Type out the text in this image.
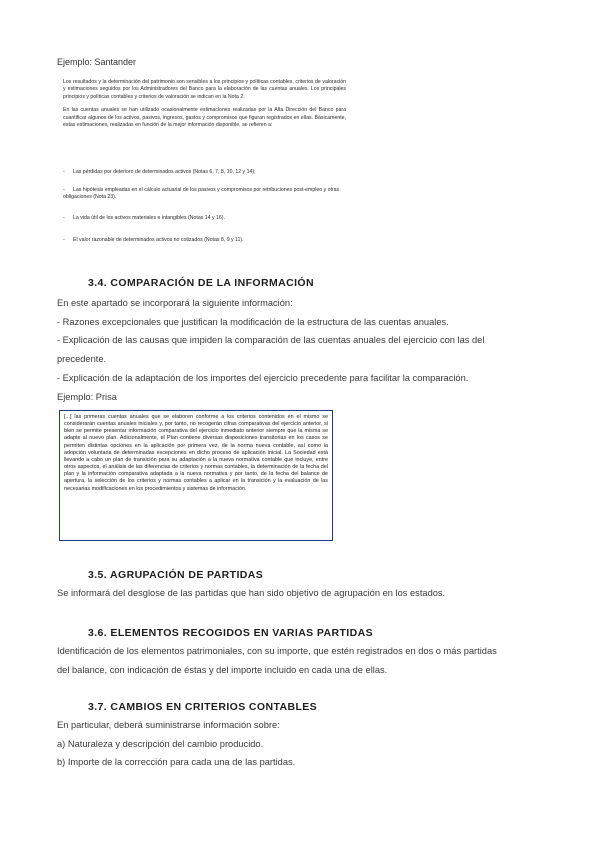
Ejemplo: Santander

Los resultados y la determinación del patrimonio son sensibles a los principios y políticas contables, criterios de valoración y estimaciones seguidos por los Administradores del Banco para la elaboración de las cuentas anuales. Los principales principios y políticas contables y criterios de valoración se indican en la Nota 2.

En las cuentas anuales se han utilizado ocasionalmente estimaciones realizadas por la Alta Dirección del Banco para cuantificar algunos de los activos, pasivos, ingresos, gastos y compromisos que figuran registrados en ellas. Básicamente, estas estimaciones, realizadas en función de la mejor información disponible, se refieren a:

- Las pérdidas por deterioro de determinados activos (Notas 6, 7, 8, 10, 12 y 14);
- Las hipótesis empleadas en el cálculo actuarial de los pasivos y compromisos por retribuciones post-empleo y otras obligaciones (Nota 23).
- La vida útil de los activos materiales e intangibles (Notas 14 y 16).
- El valor razonable de determinados activos no cotizados (Notas 8, 9 y 11).
3.4. COMPARACIÓN DE LA INFORMACIÓN
En este apartado se incorporará la siguiente información:
- Razones excepcionales que justifican la modificación de la estructura de las cuentas anuales.
- Explicación de las causas que impiden la comparación de las cuentas anuales del ejercicio con las del
precedente.
- Explicación de la adaptación de los importes del ejercicio precedente para facilitar la comparación.
Ejemplo: Prisa
[...] las primeras cuentas anuales que se elaboren conforme a los criterios contenidos en el mismo se considerarán cuentas anuales iniciales y, por tanto, no recogerán cifras comparativas del ejercicio anterior, si bien se permite presentar información comparativa del ejercicio inmediato anterior siempre que la misma se adapte al nuevo plan. Adicionalmente, el Plan contiene diversas disposiciones transitorias en los casos se permiten distintas opciones en la aplicación por primera vez, de la norma nueva contable, así como la adopción voluntaria de determinadas excepciones en dicho proceso de aplicación inicial. La Sociedad está llevando a cabo un plan de transición para su adaptación a la nueva normativa contable que incluye, entre otros aspectos, el análisis de las diferencias de criterios y normas contables, la determinación de la fecha del plan y la información comparativa adaptada a la nueva normativa y por tanto, de la fecha del balance de apertura, la selección de los criterios y normas contables a aplicar en la transición y la evaluación de las necesarias modificaciones en los procedimientos y sistemas de información.
3.5. AGRUPACIÓN DE PARTIDAS
Se informará del desglose de las partidas que han sido objetivo de agrupación en los estados.
3.6. ELEMENTOS RECOGIDOS EN VARIAS PARTIDAS
Identificación de los elementos patrimoniales, con su importe, que estén registrados en dos o más partidas
del balance, con indicación de éstas y del importe incluido en cada una de ellas.
3.7. CAMBIOS EN CRITERIOS CONTABLES
En particular, deberá suministrarse información sobre:
a) Naturaleza y descripción del cambio producido.
b) Importe de la corrección para cada una de las partidas.
